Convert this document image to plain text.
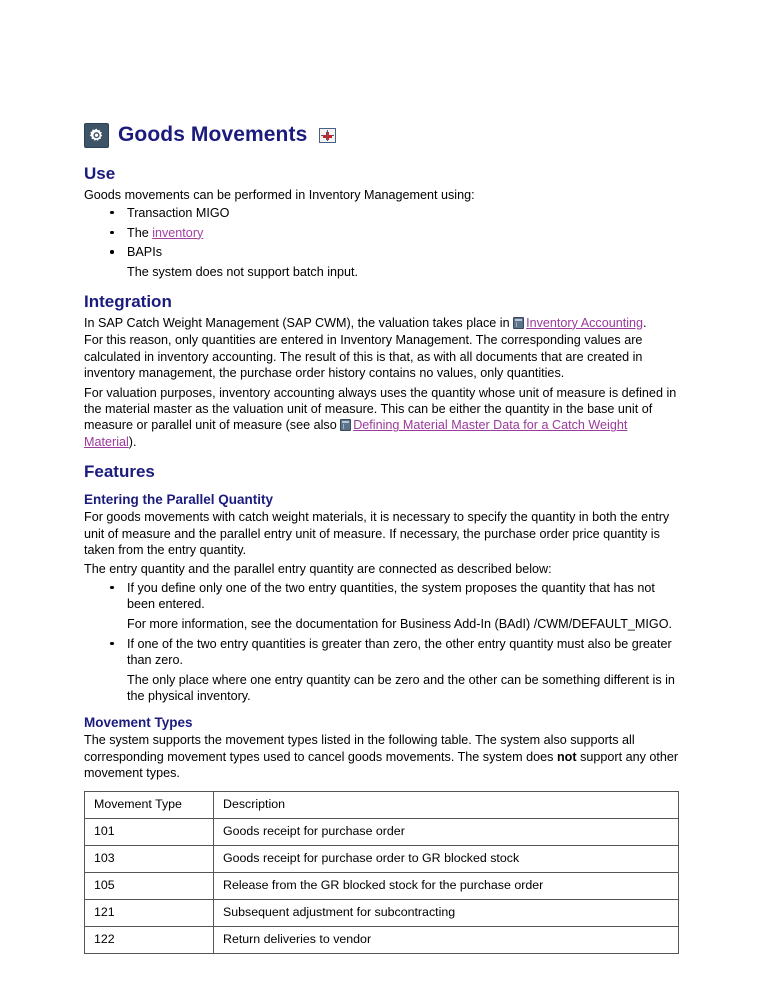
Goods Movements
Use

Goods movements can be performed in Inventory Management using:

Transaction MIGO
The inventory
BAPIs
The system does not support batch input.
Integration

In SAP Catch Weight Management (SAP CWM), the valuation takes place in Inventory Accounting.

For this reason, only quantities are entered in Inventory Management. The corresponding values are calculated in inventory accounting. The result of this is that, as with all documents that are created in inventory management, the purchase order history contains no values, only quantities.

For valuation purposes, inventory accounting always uses the quantity whose unit of measure is defined in the material master as the valuation unit of measure. This can be either the quantity in the base unit of measure or parallel unit of measure (see also Defining Material Master Data for a Catch Weight Material).

Features
Entering the Parallel Quantity

For goods movements with catch weight materials, it is necessary to specify the quantity in both the entry unit of measure and the parallel entry unit of measure. If necessary, the purchase order price quantity is taken from the entry quantity.

The entry quantity and the parallel entry quantity are connected as described below:

If you define only one of the two entry quantities, the system proposes the quantity that has not been entered.
For more information, see the documentation for Business Add-In (BAdI) /CWM/DEFAULT_MIGO.
If one of the two entry quantities is greater than zero, the other entry quantity must also be greater than zero.
The only place where one entry quantity can be zero and the other can be something different is in the physical inventory.
Movement Types

The system supports the movement types listed in the following table. The system also supports all corresponding movement types used to cancel goods movements. The system does not support any other movement types.

Movement Type	Description
101	Goods receipt for purchase order
103	Goods receipt for purchase order to GR blocked stock
105	Release from the GR blocked stock for the purchase order
121	Subsequent adjustment for subcontracting
122	Return deliveries to vendor
